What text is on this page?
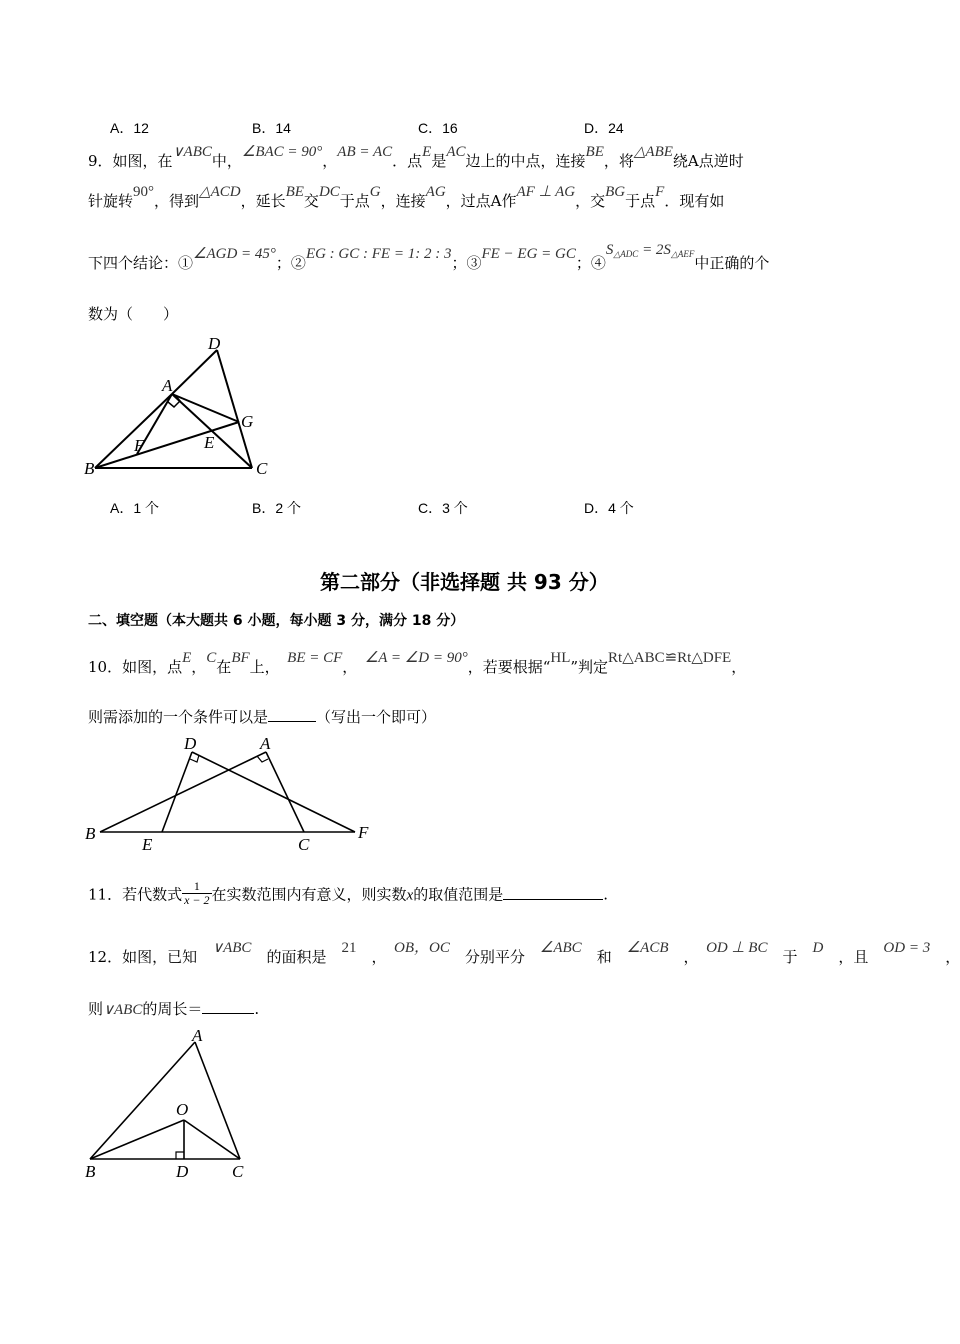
A．12	B．14	C．16	D．24
9．如图，在∨ABC中，∠BAC = 90°，AB = AC．点E是AC边上的中点，连接BE，将△ABE绕A点逆时
针旋转90°，得到△ACD，延长BE交DC于点G，连接AG，过点A作AF ⊥ AG，交BG于点F．现有如
下四个结论：①∠AGD = 45°；②EG : GC : FE = 1: 2 : 3；③FE − EG = GC；$④S_{\triangle ADC} = 2S_{\triangle AEF}$中正确的个
数为（　　）
D
A
G
F	E
B	C
A．1 个	B．2 个	C．3 个	D．4 个
第二部分（非选择题 共 93 分）
二、填空题（本大题共 6 小题，每小题 3 分，满分 18 分）
10．如图，点E，C在BF上，　 BE = CF，　 ∠A = ∠D = 90°，若要根据“HL”判定Rt△ABC≌Rt△DFE，
则需添加的一个条件可以是	（写出一个即可）
D	A
B
E	C
F
11．若代数式 $\frac{1}{x - 2}$ 在实数范围内有意义，则实数x的取值范围是	.
12．如图，已知　 ∨ABC　 的面积是　 21　 ，　 OB，OC　 分别平分　 ∠ABC　 和　 ∠ACB　 ，　 OD ⊥ BC　 于　 D　 ，且　 OD = 3　 ，
则∨ABC的周长＝	.
A
O
B	D	C
